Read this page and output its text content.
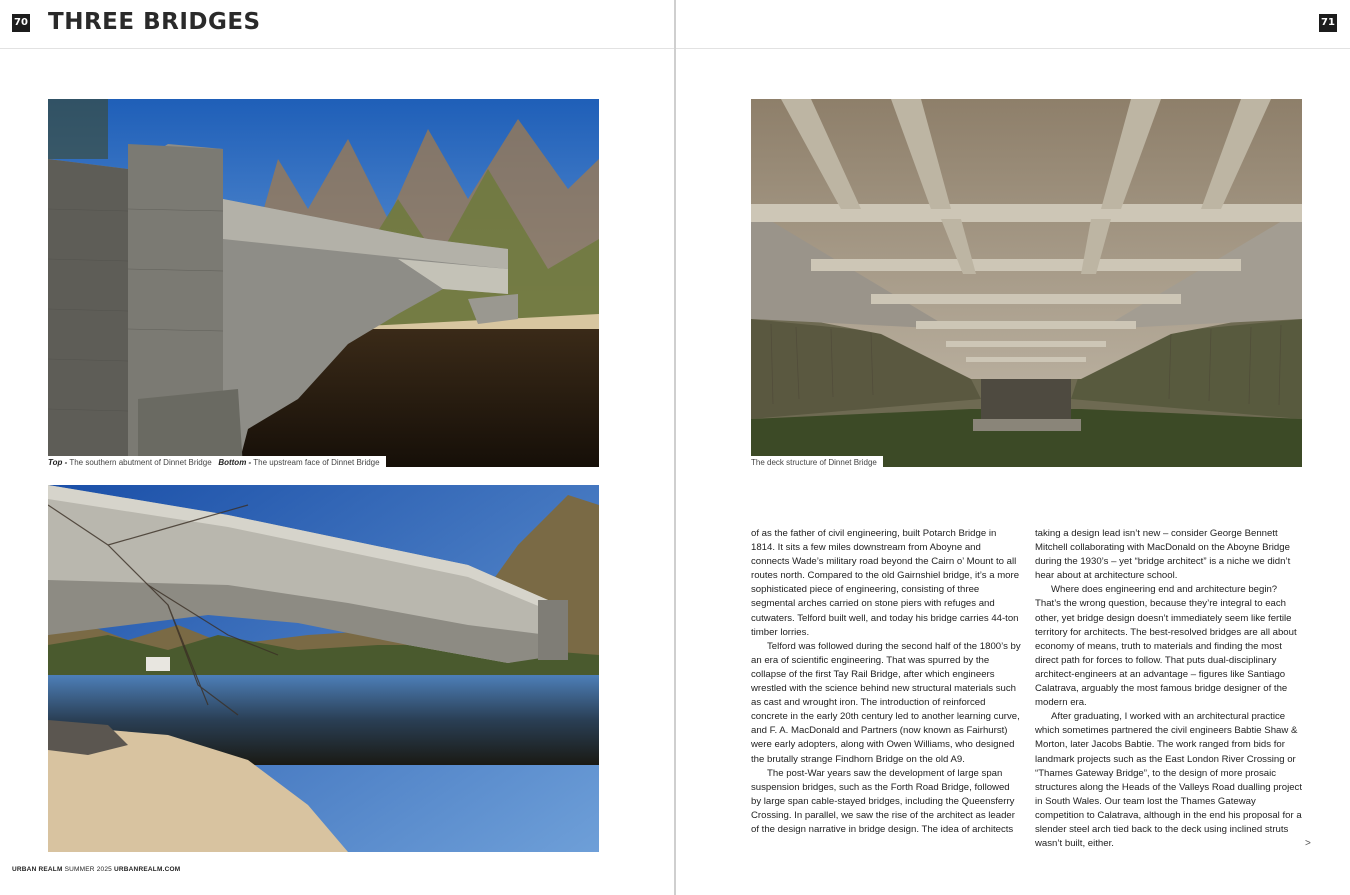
70 THREE BRIDGES	71
Top - The southern abutment of Dinnet Bridge Bottom - The upstream face of Dinnet Bridge	The deck structure of Dinnet Bridge

of as the father of civil engineering, built Potarch Bridge in 1814. It sits a few miles downstream from Aboyne and connects Wade’s military road beyond the Cairn o’ Mount to all routes north. Compared to the old Gairnshiel bridge, it’s a more sophisticated piece of engineering, consisting of three segmental arches carried on stone piers with refuges and cutwaters. Telford built well, and today his bridge carries 44-ton timber lorries.

Telford was followed during the second half of the 1800’s by an era of scientific engineering. That was spurred by the collapse of the first Tay Rail Bridge, after which engineers wrestled with the science behind new structural materials such as cast and wrought iron. The introduction of reinforced concrete in the early 20th century led to another learning curve, and F. A. MacDonald and Partners (now known as Fairhurst) were early adopters, along with Owen Williams, who designed the brutally strange Findhorn Bridge on the old A9.

The post-War years saw the development of large span suspension bridges, such as the Forth Road Bridge, followed by large span cable-stayed bridges, including the Queensferry Crossing. In parallel, we saw the rise of the architect as leader of the design narrative in bridge design. The idea of architects

taking a design lead isn’t new – consider George Bennett Mitchell collaborating with MacDonald on the Aboyne Bridge during the 1930’s – yet “bridge architect” is a niche we didn’t hear about at architecture school.

Where does engineering end and architecture begin? That’s the wrong question, because they’re integral to each other, yet bridge design doesn’t immediately seem like fertile territory for architects. The best-resolved bridges are all about economy of means, truth to materials and finding the most direct path for forces to follow. That puts dual-disciplinary architect-engineers at an advantage – figures like Santiago Calatrava, arguably the most famous bridge designer of the modern era.

After graduating, I worked with an architectural practice which sometimes partnered the civil engineers Babtie Shaw & Morton, later Jacobs Babtie. The work ranged from bids for landmark projects such as the East London River Crossing or “Thames Gateway Bridge”, to the design of more prosaic structures along the Heads of the Valleys Road dualling project in South Wales. Our team lost the Thames Gateway competition to Calatrava, although in the end his proposal for a slender steel arch tied back to the deck using inclined struts wasn’t built, either.	>
URBAN REALM SUMMER 2025 URBANREALM.COM
